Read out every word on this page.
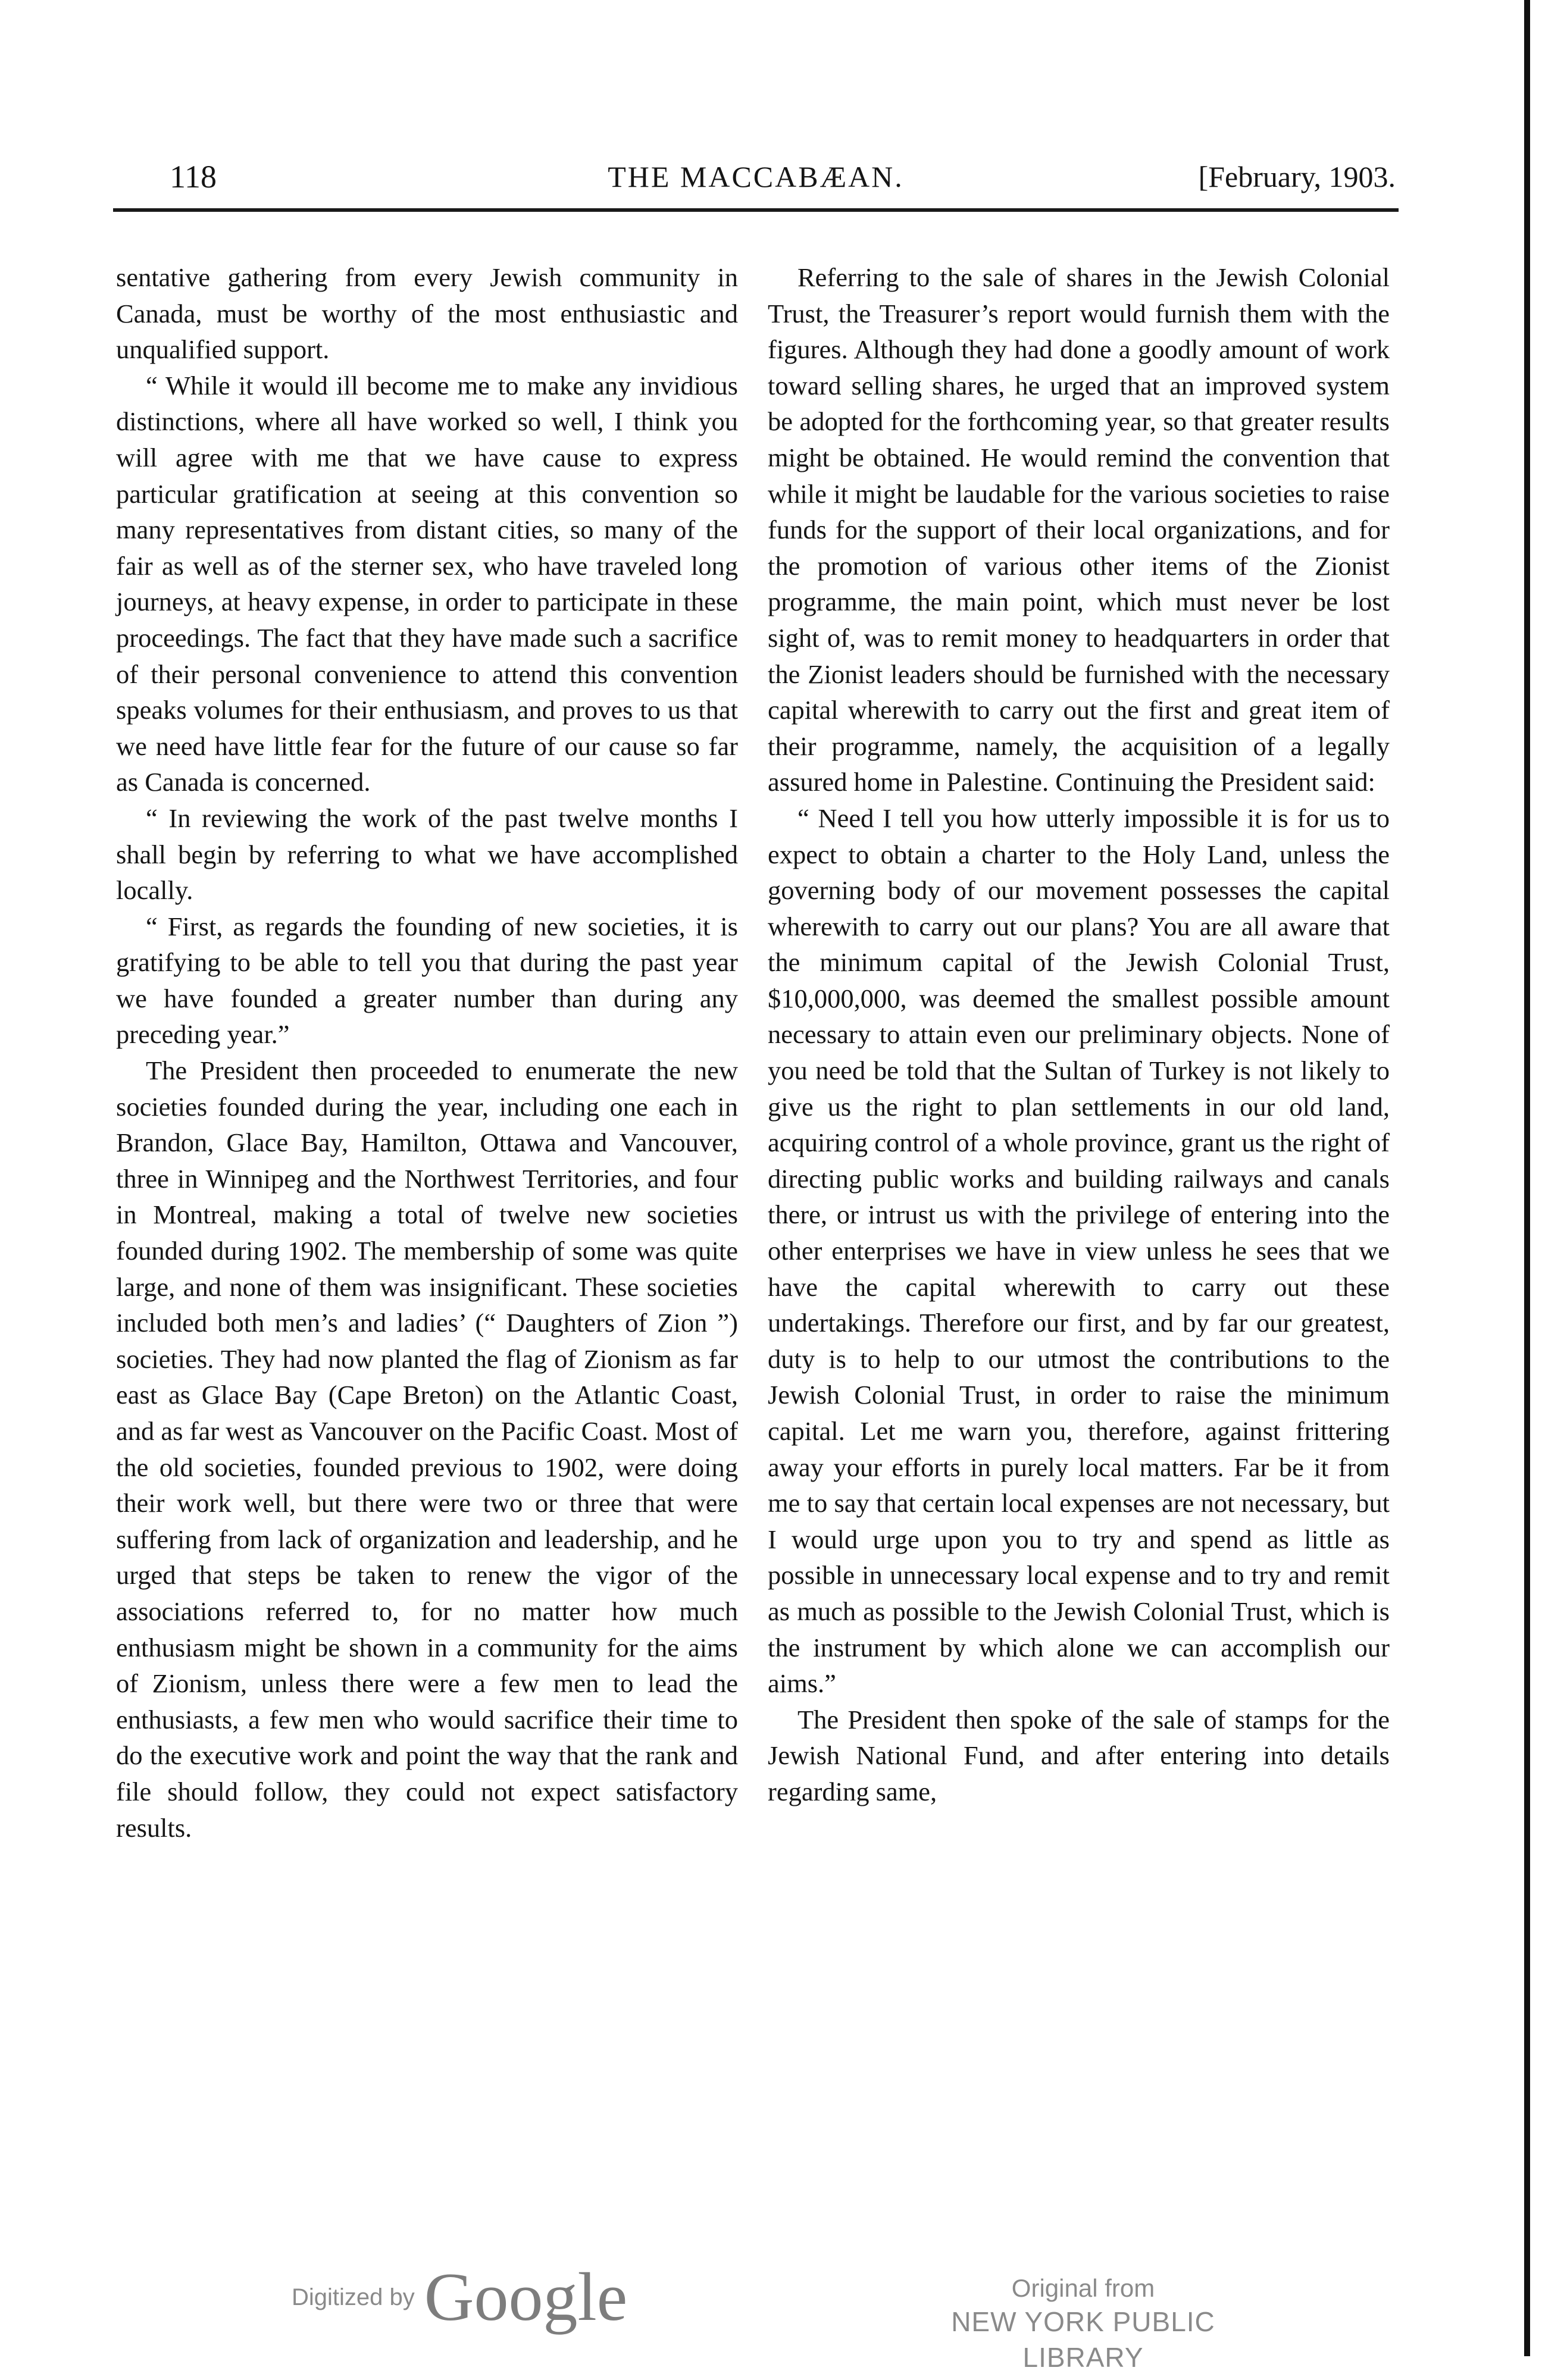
118	THE MACCABÆAN.	[February, 1903.

sentative gathering from every Jewish community in Canada, must be worthy of the most enthusiastic and unqualified support.

“ While it would ill become me to make any invidious distinctions, where all have worked so well, I think you will agree with me that we have cause to express particular gratification at seeing at this convention so many representatives from distant cities, so many of the fair as well as of the sterner sex, who have traveled long journeys, at heavy expense, in order to participate in these proceedings. The fact that they have made such a sacrifice of their personal convenience to attend this convention speaks volumes for their enthusiasm, and proves to us that we need have little fear for the future of our cause so far as Canada is concerned.

“ In reviewing the work of the past twelve months I shall begin by referring to what we have accomplished locally.

“ First, as regards the founding of new societies, it is gratifying to be able to tell you that during the past year we have founded a greater number than during any preceding year.”

The President then proceeded to enumerate the new societies founded during the year, including one each in Brandon, Glace Bay, Hamilton, Ottawa and Vancouver, three in Winnipeg and the Northwest Territories, and four in Montreal, making a total of twelve new societies founded during 1902. The membership of some was quite large, and none of them was insignificant. These societies included both men’s and ladies’ (“ Daughters of Zion ”) societies. They had now planted the flag of Zionism as far east as Glace Bay (Cape Breton) on the Atlantic Coast, and as far west as Vancouver on the Pacific Coast. Most of the old societies, founded previous to 1902, were doing their work well, but there were two or three that were suffering from lack of organization and leadership, and he urged that steps be taken to renew the vigor of the associations referred to, for no matter how much enthusiasm might be shown in a community for the aims of Zionism, unless there were a few men to lead the enthusiasts, a few men who would sacrifice their time to do the executive work and point the way that the rank and file should follow, they could not expect satisfactory results.

Referring to the sale of shares in the Jewish Colonial Trust, the Treasurer’s report would furnish them with the figures. Although they had done a goodly amount of work toward selling shares, he urged that an improved system be adopted for the forthcoming year, so that greater results might be obtained. He would remind the convention that while it might be laudable for the various societies to raise funds for the support of their local organizations, and for the promotion of various other items of the Zionist programme, the main point, which must never be lost sight of, was to remit money to headquarters in order that the Zionist leaders should be furnished with the necessary capital wherewith to carry out the first and great item of their programme, namely, the acquisition of a legally assured home in Palestine. Continuing the President said:

“ Need I tell you how utterly impossible it is for us to expect to obtain a charter to the Holy Land, unless the governing body of our movement possesses the capital wherewith to carry out our plans? You are all aware that the minimum capital of the Jewish Colonial Trust, $10,000,000, was deemed the smallest possible amount necessary to attain even our preliminary objects. None of you need be told that the Sultan of Turkey is not likely to give us the right to plan settlements in our old land, acquiring control of a whole province, grant us the right of directing public works and building railways and canals there, or intrust us with the privilege of entering into the other enterprises we have in view unless he sees that we have the capital wherewith to carry out these undertakings. Therefore our first, and by far our greatest, duty is to help to our utmost the contributions to the Jewish Colonial Trust, in order to raise the minimum capital. Let me warn you, therefore, against frittering away your efforts in purely local matters. Far be it from me to say that certain local expenses are not necessary, but I would urge upon you to try and spend as little as possible in unnecessary local expense and to try and remit as much as possible to the Jewish Colonial Trust, which is the instrument by which alone we can accomplish our aims.”

The President then spoke of the sale of stamps for the Jewish National Fund, and after entering into details regarding same,

Digitized by Google	Original from
NEW YORK PUBLIC LIBRARY
